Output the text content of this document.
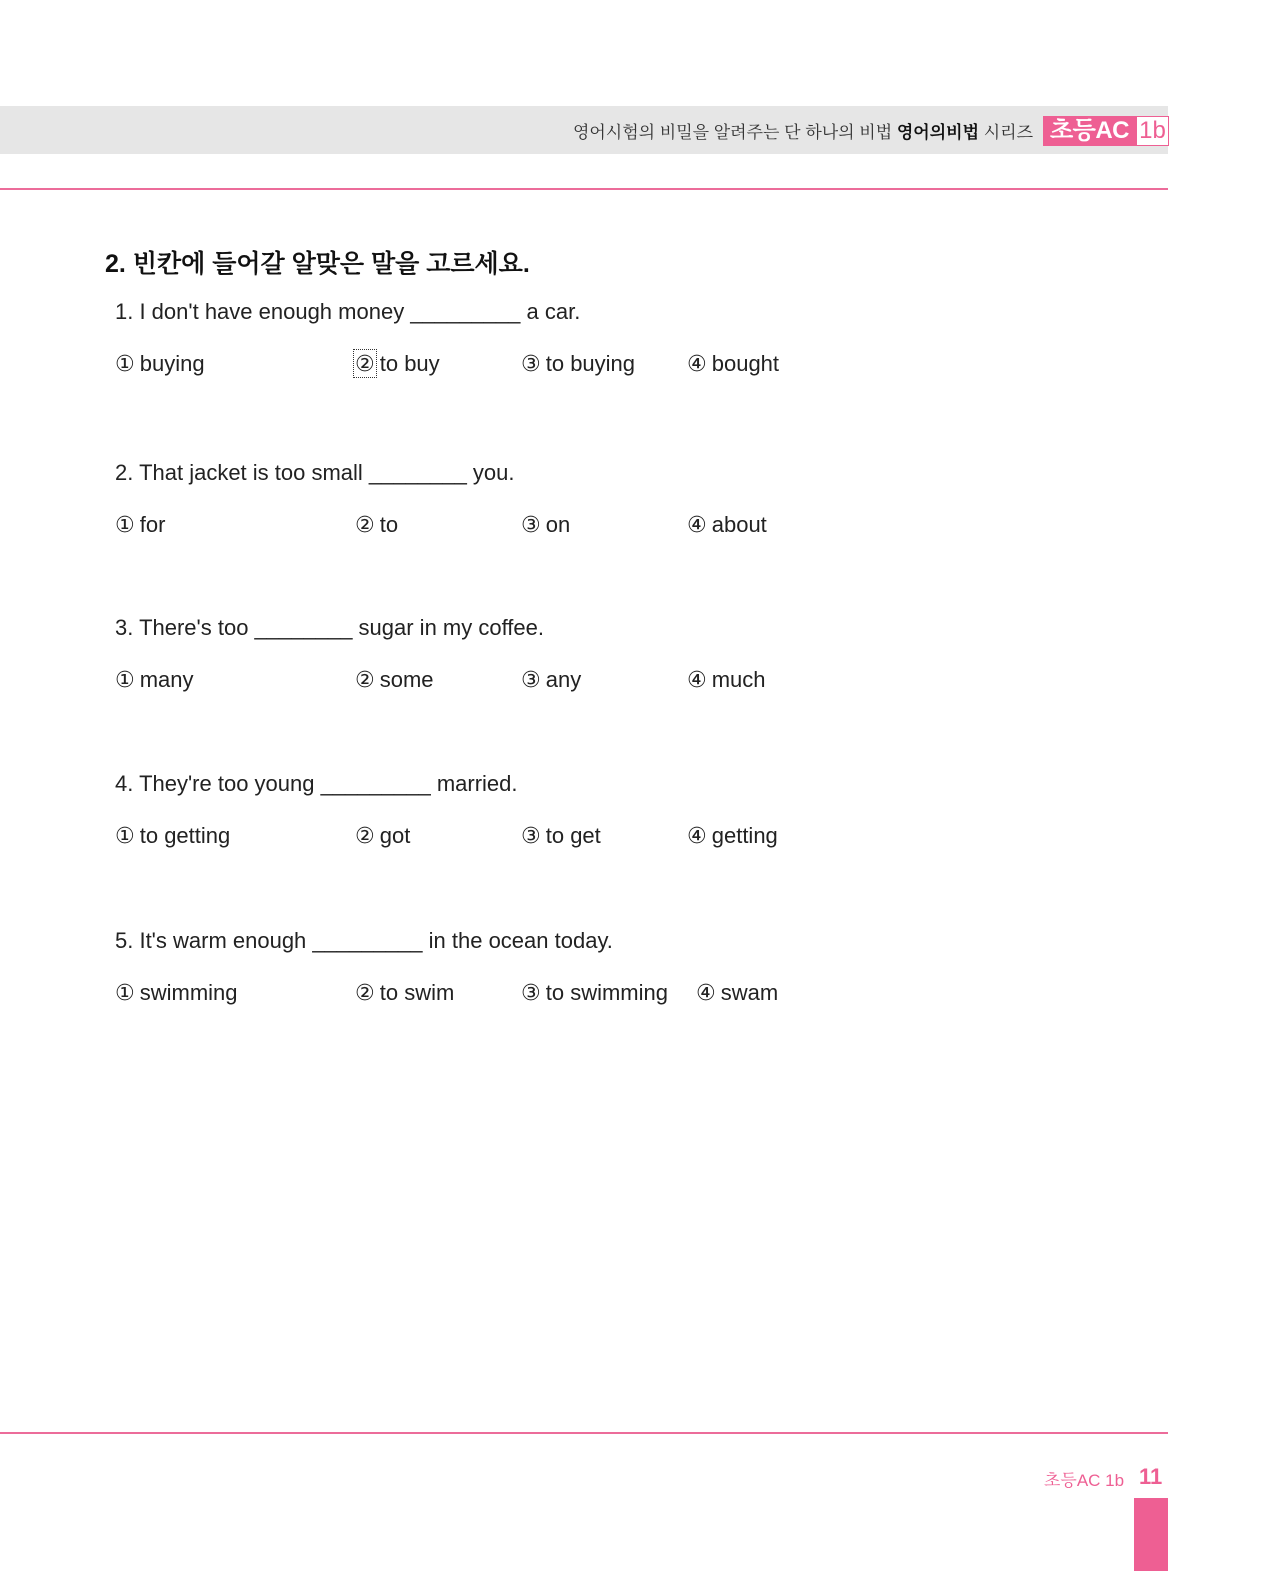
영어시험의 비밀을 알려주는 단 하나의 비법 영어의비법 시리즈 초등AC 1b
2. 빈칸에 들어갈 알맞은 말을 고르세요.
1. I don't have enough money _________ a car.
① buying	② to buy	③ to buying ④ bought
2. That jacket is too small ________ you.
① for	② to	③ on	④ about
3. There's too ________ sugar in my coffee.
① many	② some	③ any	④ much
4. They're too young _________ married.
① to getting	② got	③ to get	④ getting
5. It's warm enough _________ in the ocean today.
① swimming	② to swim	③ to swimming ④ swam
초등AC 1b 11
